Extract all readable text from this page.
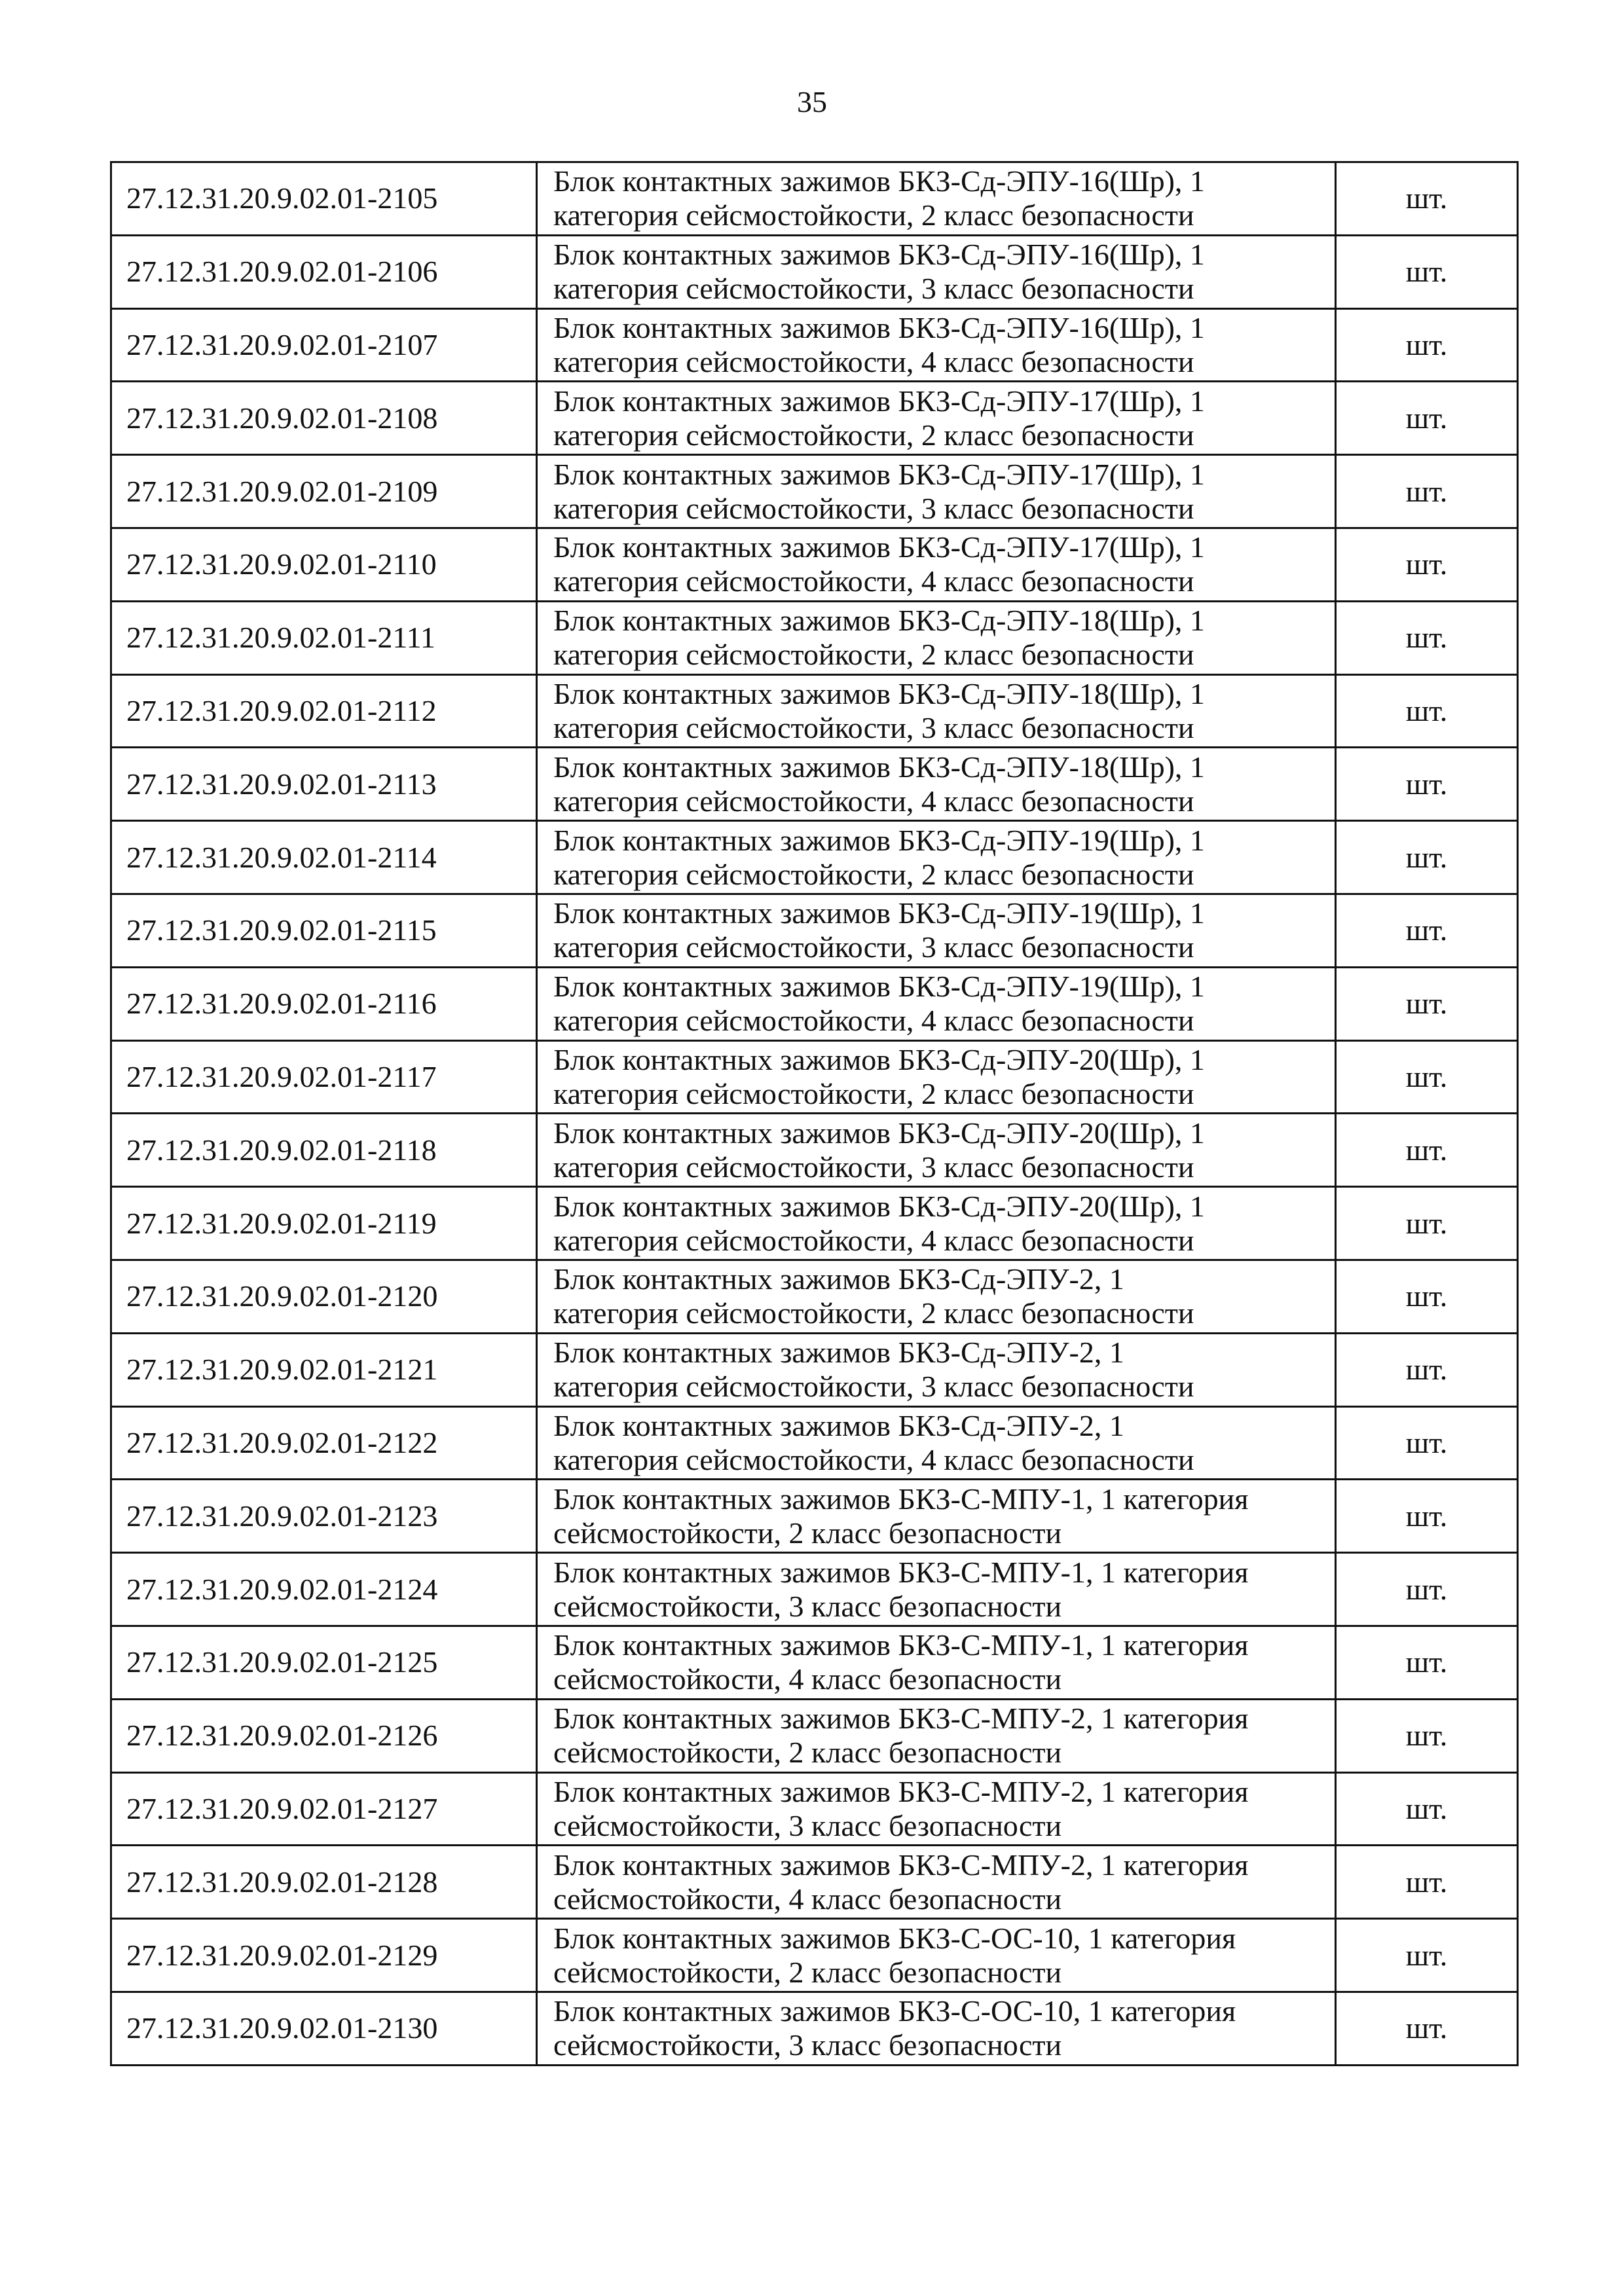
35
27.12.31.20.9.02.01-2105	Блок контактных зажимов БКЗ-Сд-ЭПУ-16(Шр), 1
категория сейсмостойкости, 2 класс безопасности	шт.
27.12.31.20.9.02.01-2106	Блок контактных зажимов БКЗ-Сд-ЭПУ-16(Шр), 1
категория сейсмостойкости, 3 класс безопасности	шт.
27.12.31.20.9.02.01-2107	Блок контактных зажимов БКЗ-Сд-ЭПУ-16(Шр), 1
категория сейсмостойкости, 4 класс безопасности	шт.
27.12.31.20.9.02.01-2108	Блок контактных зажимов БКЗ-Сд-ЭПУ-17(Шр), 1
категория сейсмостойкости, 2 класс безопасности	шт.
27.12.31.20.9.02.01-2109	Блок контактных зажимов БКЗ-Сд-ЭПУ-17(Шр), 1
категория сейсмостойкости, 3 класс безопасности	шт.
27.12.31.20.9.02.01-2110	Блок контактных зажимов БКЗ-Сд-ЭПУ-17(Шр), 1
категория сейсмостойкости, 4 класс безопасности	шт.
27.12.31.20.9.02.01-2111	Блок контактных зажимов БКЗ-Сд-ЭПУ-18(Шр), 1
категория сейсмостойкости, 2 класс безопасности	шт.
27.12.31.20.9.02.01-2112	Блок контактных зажимов БКЗ-Сд-ЭПУ-18(Шр), 1
категория сейсмостойкости, 3 класс безопасности	шт.
27.12.31.20.9.02.01-2113	Блок контактных зажимов БКЗ-Сд-ЭПУ-18(Шр), 1
категория сейсмостойкости, 4 класс безопасности	шт.
27.12.31.20.9.02.01-2114	Блок контактных зажимов БКЗ-Сд-ЭПУ-19(Шр), 1
категория сейсмостойкости, 2 класс безопасности	шт.
27.12.31.20.9.02.01-2115	Блок контактных зажимов БКЗ-Сд-ЭПУ-19(Шр), 1
категория сейсмостойкости, 3 класс безопасности	шт.
27.12.31.20.9.02.01-2116	Блок контактных зажимов БКЗ-Сд-ЭПУ-19(Шр), 1
категория сейсмостойкости, 4 класс безопасности	шт.
27.12.31.20.9.02.01-2117	Блок контактных зажимов БКЗ-Сд-ЭПУ-20(Шр), 1
категория сейсмостойкости, 2 класс безопасности	шт.
27.12.31.20.9.02.01-2118	Блок контактных зажимов БКЗ-Сд-ЭПУ-20(Шр), 1
категория сейсмостойкости, 3 класс безопасности	шт.
27.12.31.20.9.02.01-2119	Блок контактных зажимов БКЗ-Сд-ЭПУ-20(Шр), 1
категория сейсмостойкости, 4 класс безопасности	шт.
27.12.31.20.9.02.01-2120	Блок контактных зажимов БКЗ-Сд-ЭПУ-2, 1
категория сейсмостойкости, 2 класс безопасности	шт.
27.12.31.20.9.02.01-2121	Блок контактных зажимов БКЗ-Сд-ЭПУ-2, 1
категория сейсмостойкости, 3 класс безопасности	шт.
27.12.31.20.9.02.01-2122	Блок контактных зажимов БКЗ-Сд-ЭПУ-2, 1
категория сейсмостойкости, 4 класс безопасности	шт.
27.12.31.20.9.02.01-2123	Блок контактных зажимов БКЗ-С-МПУ-1, 1 категория
сейсмостойкости, 2 класс безопасности	шт.
27.12.31.20.9.02.01-2124	Блок контактных зажимов БКЗ-С-МПУ-1, 1 категория
сейсмостойкости, 3 класс безопасности	шт.
27.12.31.20.9.02.01-2125	Блок контактных зажимов БКЗ-С-МПУ-1, 1 категория
сейсмостойкости, 4 класс безопасности	шт.
27.12.31.20.9.02.01-2126	Блок контактных зажимов БКЗ-С-МПУ-2, 1 категория
сейсмостойкости, 2 класс безопасности	шт.
27.12.31.20.9.02.01-2127	Блок контактных зажимов БКЗ-С-МПУ-2, 1 категория
сейсмостойкости, 3 класс безопасности	шт.
27.12.31.20.9.02.01-2128	Блок контактных зажимов БКЗ-С-МПУ-2, 1 категория
сейсмостойкости, 4 класс безопасности	шт.
27.12.31.20.9.02.01-2129	Блок контактных зажимов БКЗ-С-ОС-10, 1 категория
сейсмостойкости, 2 класс безопасности	шт.
27.12.31.20.9.02.01-2130	Блок контактных зажимов БКЗ-С-ОС-10, 1 категория
сейсмостойкости, 3 класс безопасности	шт.
